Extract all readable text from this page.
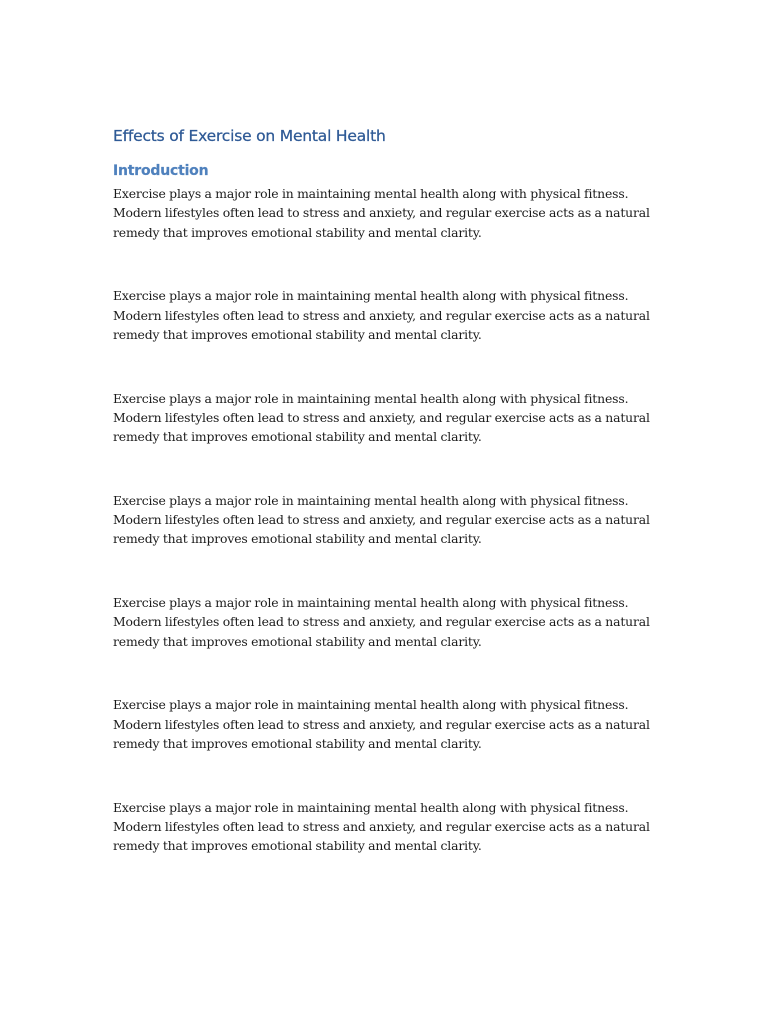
Effects of Exercise on Mental Health
Introduction

Exercise plays a major role in maintaining mental health along with physical fitness. Modern lifestyles often lead to stress and anxiety, and regular exercise acts as a natural remedy that improves emotional stability and mental clarity.

Exercise plays a major role in maintaining mental health along with physical fitness. Modern lifestyles often lead to stress and anxiety, and regular exercise acts as a natural remedy that improves emotional stability and mental clarity.

Exercise plays a major role in maintaining mental health along with physical fitness. Modern lifestyles often lead to stress and anxiety, and regular exercise acts as a natural remedy that improves emotional stability and mental clarity.

Exercise plays a major role in maintaining mental health along with physical fitness. Modern lifestyles often lead to stress and anxiety, and regular exercise acts as a natural remedy that improves emotional stability and mental clarity.

Exercise plays a major role in maintaining mental health along with physical fitness. Modern lifestyles often lead to stress and anxiety, and regular exercise acts as a natural remedy that improves emotional stability and mental clarity.

Exercise plays a major role in maintaining mental health along with physical fitness. Modern lifestyles often lead to stress and anxiety, and regular exercise acts as a natural remedy that improves emotional stability and mental clarity.

Exercise plays a major role in maintaining mental health along with physical fitness. Modern lifestyles often lead to stress and anxiety, and regular exercise acts as a natural remedy that improves emotional stability and mental clarity.
